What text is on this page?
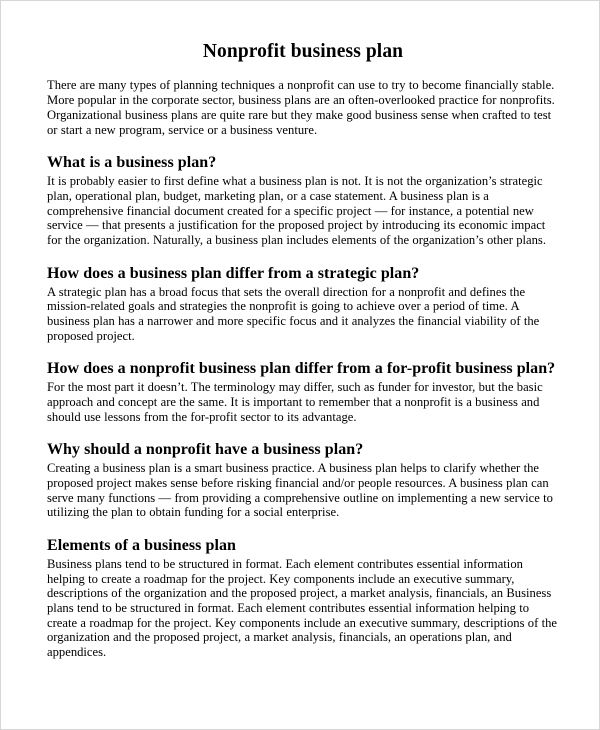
Nonprofit business plan

There are many types of planning techniques a nonprofit can use to try to become financially stable. More popular in the corporate sector, business plans are an often-overlooked practice for nonprofits. Organizational business plans are quite rare but they make good business sense when crafted to test or start a new program, service or a business venture.

What is a business plan?

It is probably easier to first define what a business plan is not. It is not the organization’s strategic plan, operational plan, budget, marketing plan, or a case statement. A business plan is a comprehensive financial document created for a specific project — for instance, a potential new service — that presents a justification for the proposed project by introducing its economic impact for the organization. Naturally, a business plan includes elements of the organization’s other plans.

How does a business plan differ from a strategic plan?

A strategic plan has a broad focus that sets the overall direction for a nonprofit and defines the mission-related goals and strategies the nonprofit is going to achieve over a period of time. A business plan has a narrower and more specific focus and it analyzes the financial viability of the proposed project.

How does a nonprofit business plan differ from a for-profit business plan?

For the most part it doesn’t. The terminology may differ, such as funder for investor, but the basic approach and concept are the same. It is important to remember that a nonprofit is a business and should use lessons from the for-profit sector to its advantage.

Why should a nonprofit have a business plan?

Creating a business plan is a smart business practice. A business plan helps to clarify whether the proposed project makes sense before risking financial and/or people resources. A business plan can serve many functions — from providing a comprehensive outline on implementing a new service to utilizing the plan to obtain funding for a social enterprise.

Elements of a business plan

Business plans tend to be structured in format. Each element contributes essential information helping to create a roadmap for the project. Key components include an executive summary, descriptions of the organization and the proposed project, a market analysis, financials, an Business plans tend to be structured in format. Each element contributes essential information helping to create a roadmap for the project. Key components include an executive summary, descriptions of the organization and the proposed project, a market analysis, financials, an operations plan, and appendices.
